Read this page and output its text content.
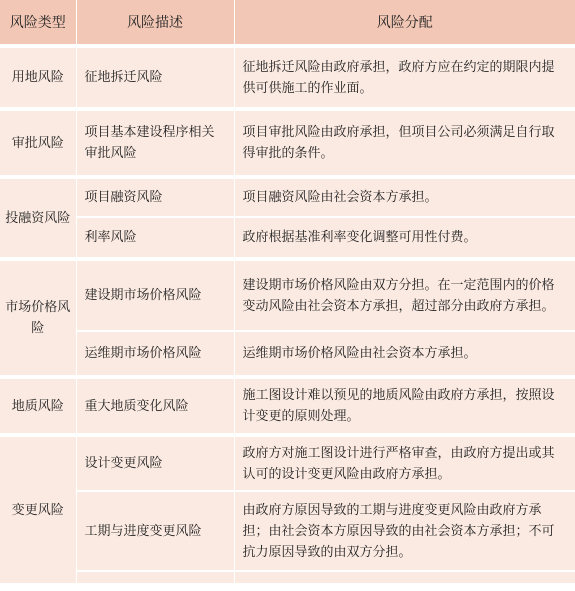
风险类型	风险描述	风险分配
用地风险	征地拆迁风险	征地拆迁风险由政府承担，政府方应在约定的期限内提供可供施工的作业面。
审批风险	项目基本建设程序相关审批风险	项目审批风险由政府承担，但项目公司必须满足自行取得审批的条件。
投融资风险	项目融资风险	项目融资风险由社会资本方承担。
	利率风险	政府根据基准利率变化调整可用性付费。
市场价格风险	建设期市场价格风险	建设期市场价格风险由双方分担。在一定范围内的价格变动风险由社会资本方承担，超过部分由政府方承担。
	运维期市场价格风险	运维期市场价格风险由社会资本方承担。
地质风险	重大地质变化风险	施工图设计难以预见的地质风险由政府方承担，按照设计变更的原则处理。
变更风险	设计变更风险	政府方对施工图设计进行严格审查，由政府方提出或其认可的设计变更风险由政府方承担。
	工期与进度变更风险	由政府方原因导致的工期与进度变更风险由政府方承担；由社会资本方原因导致的由社会资本方承担；不可抗力原因导致的由双方分担。
